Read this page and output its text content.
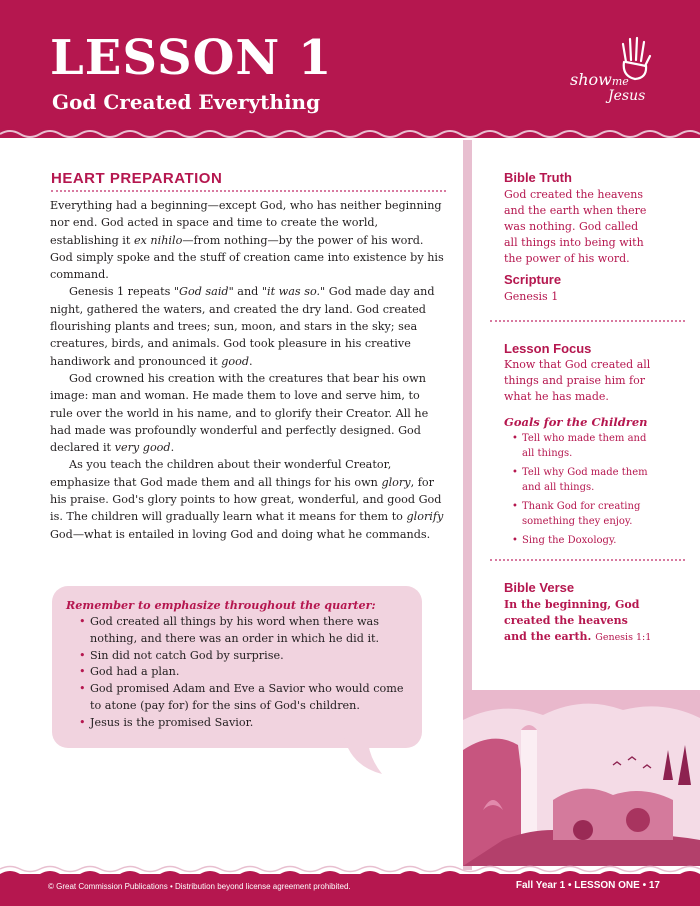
LESSON 1
God Created Everything
showme
Jesus
HEART PREPARATION

Everything had a beginning—except God, who has neither beginning nor end. God acted in space and time to create the world, establishing it ex nihilo—from nothing—by the power of his word. God simply spoke and the stuff of creation came into existence by his command.

Genesis 1 repeats "God said" and "it was so." God made day and night, gathered the waters, and created the dry land. God created flourishing plants and trees; sun, moon, and stars in the sky; sea creatures, birds, and animals. God took pleasure in his creative handiwork and pronounced it good.

God crowned his creation with the creatures that bear his own image: man and woman. He made them to love and serve him, to rule over the world in his name, and to glorify their Creator. All he had made was profoundly wonderful and perfectly designed. God declared it very good.

As you teach the children about their wonderful Creator, emphasize that God made them and all things for his own glory, for his praise. God's glory points to how great, wonderful, and good God is. The children will gradually learn what it means for them to glorify God—what is entailed in loving God and doing what he commands.

Remember to emphasize throughout the quarter:
• God created all things by his word when there was nothing, and there was an order in which he did it.
• Sin did not catch God by surprise.
• God had a plan.
• God promised Adam and Eve a Savior who would come to atone (pay for) for the sins of God's children.
• Jesus is the promised Savior.
Bible Truth
God created the heavens and the earth when there was nothing. God called all things into being with the power of his word.
Scripture
Genesis 1
Lesson Focus
Know that God created all things and praise him for what he has made.
Goals for the Children
• Tell who made them and all things.
• Tell why God made them and all things.
• Thank God for creating something they enjoy.
• Sing the Doxology.
Bible Verse
In the beginning, God created the heavens and the earth. Genesis 1:1
© Great Commission Publications • Distribution beyond license agreement prohibited.	Fall Year 1 • LESSON ONE • 17
